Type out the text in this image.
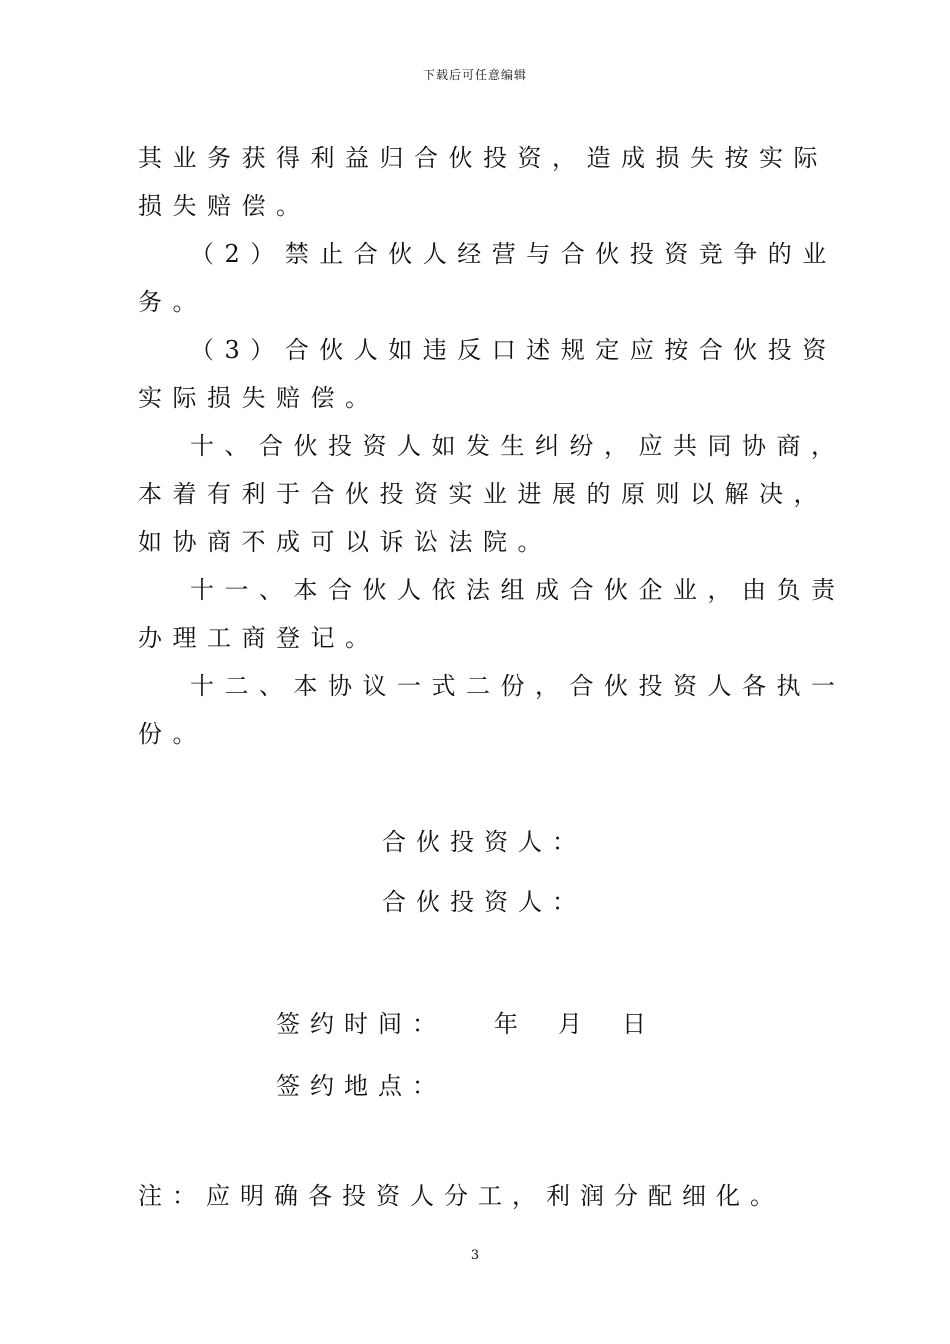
下载后可任意编辑

其业务获得利益归合伙投资，造成损失按实际损失赔偿。

（2）禁止合伙人经营与合伙投资竞争的业务。

（3）合伙人如违反口述规定应按合伙投资实际损失赔偿。

十、合伙投资人如发生纠纷，应共同协商，本着有利于合伙投资实业进展的原则以解决，如协商不成可以诉讼法院。

十一、本合伙人依法组成合伙企业，由负责办理工商登记。

十二、本协议一式二份，合伙投资人各执一份。

合伙投资人：
合伙投资人：
签约时间： 年 月 日
签约地点：
注：应明确各投资人分工，利润分配细化。
3
